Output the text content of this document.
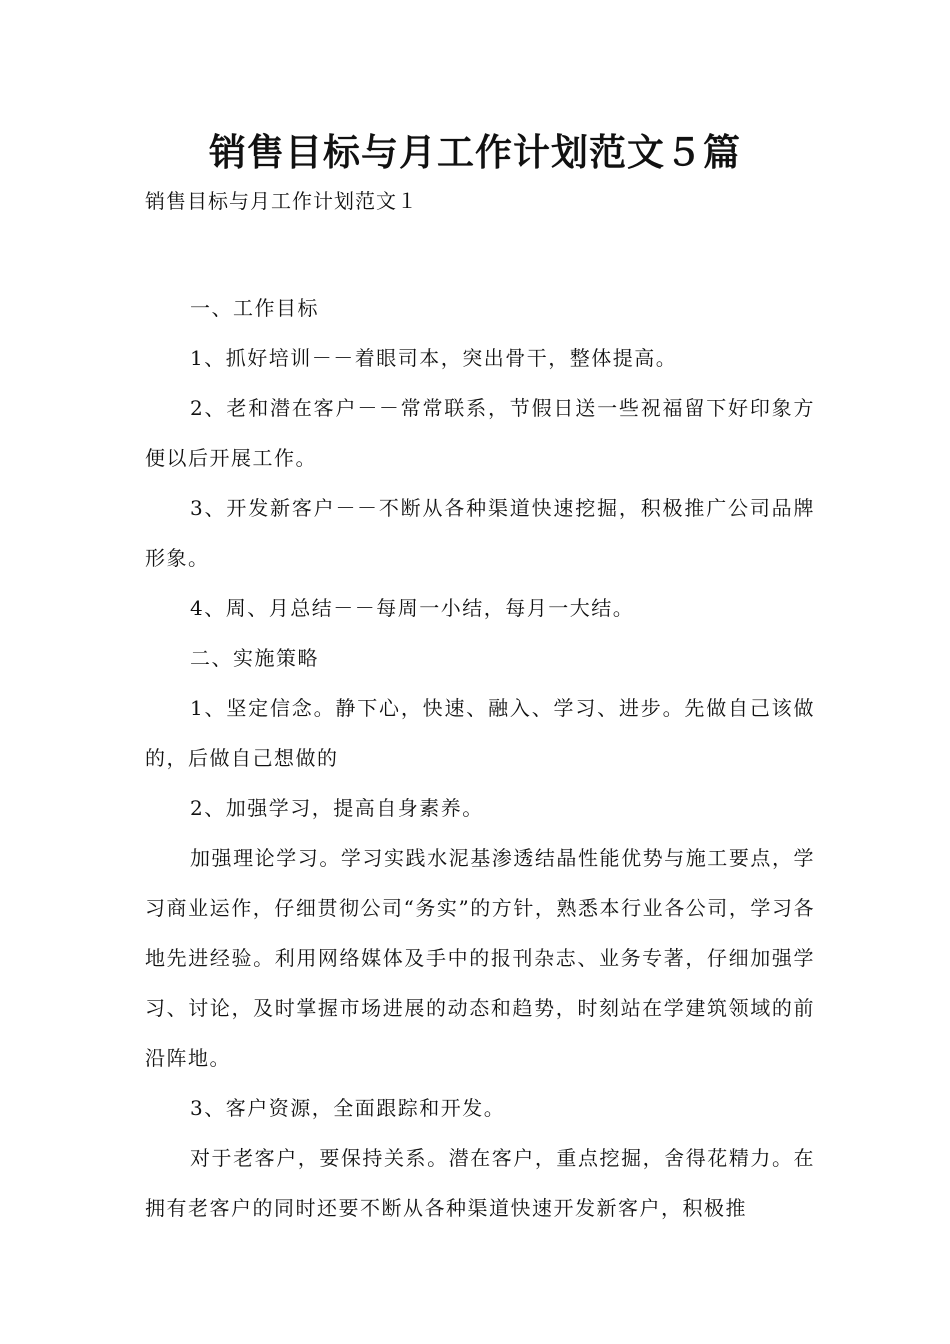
销售目标与月工作计划范文５篇
销售目标与月工作计划范文１

一、工作目标

1、抓好培训－－着眼司本，突出骨干，整体提高。

2、老和潜在客户－－常常联系，节假日送一些祝福留下好印象方便以后开展工作。

3、开发新客户－－不断从各种渠道快速挖掘，积极推广公司品牌形象。

4、周、月总结－－每周一小结，每月一大结。

二、实施策略

1、坚定信念。静下心，快速、融入、学习、进步。先做自己该做的，后做自己想做的

2、加强学习，提高自身素养。

加强理论学习。学习实践水泥基渗透结晶性能优势与施工要点，学习商业运作，仔细贯彻公司“务实”的方针，熟悉本行业各公司，学习各地先进经验。利用网络媒体及手中的报刊杂志、业务专著，仔细加强学习、讨论，及时掌握市场进展的动态和趋势，时刻站在学建筑领域的前沿阵地。

3、客户资源，全面跟踪和开发。

对于老客户，要保持关系。潜在客户，重点挖掘，舍得花精力。在拥有老客户的同时还要不断从各种渠道快速开发新客户，积极推
